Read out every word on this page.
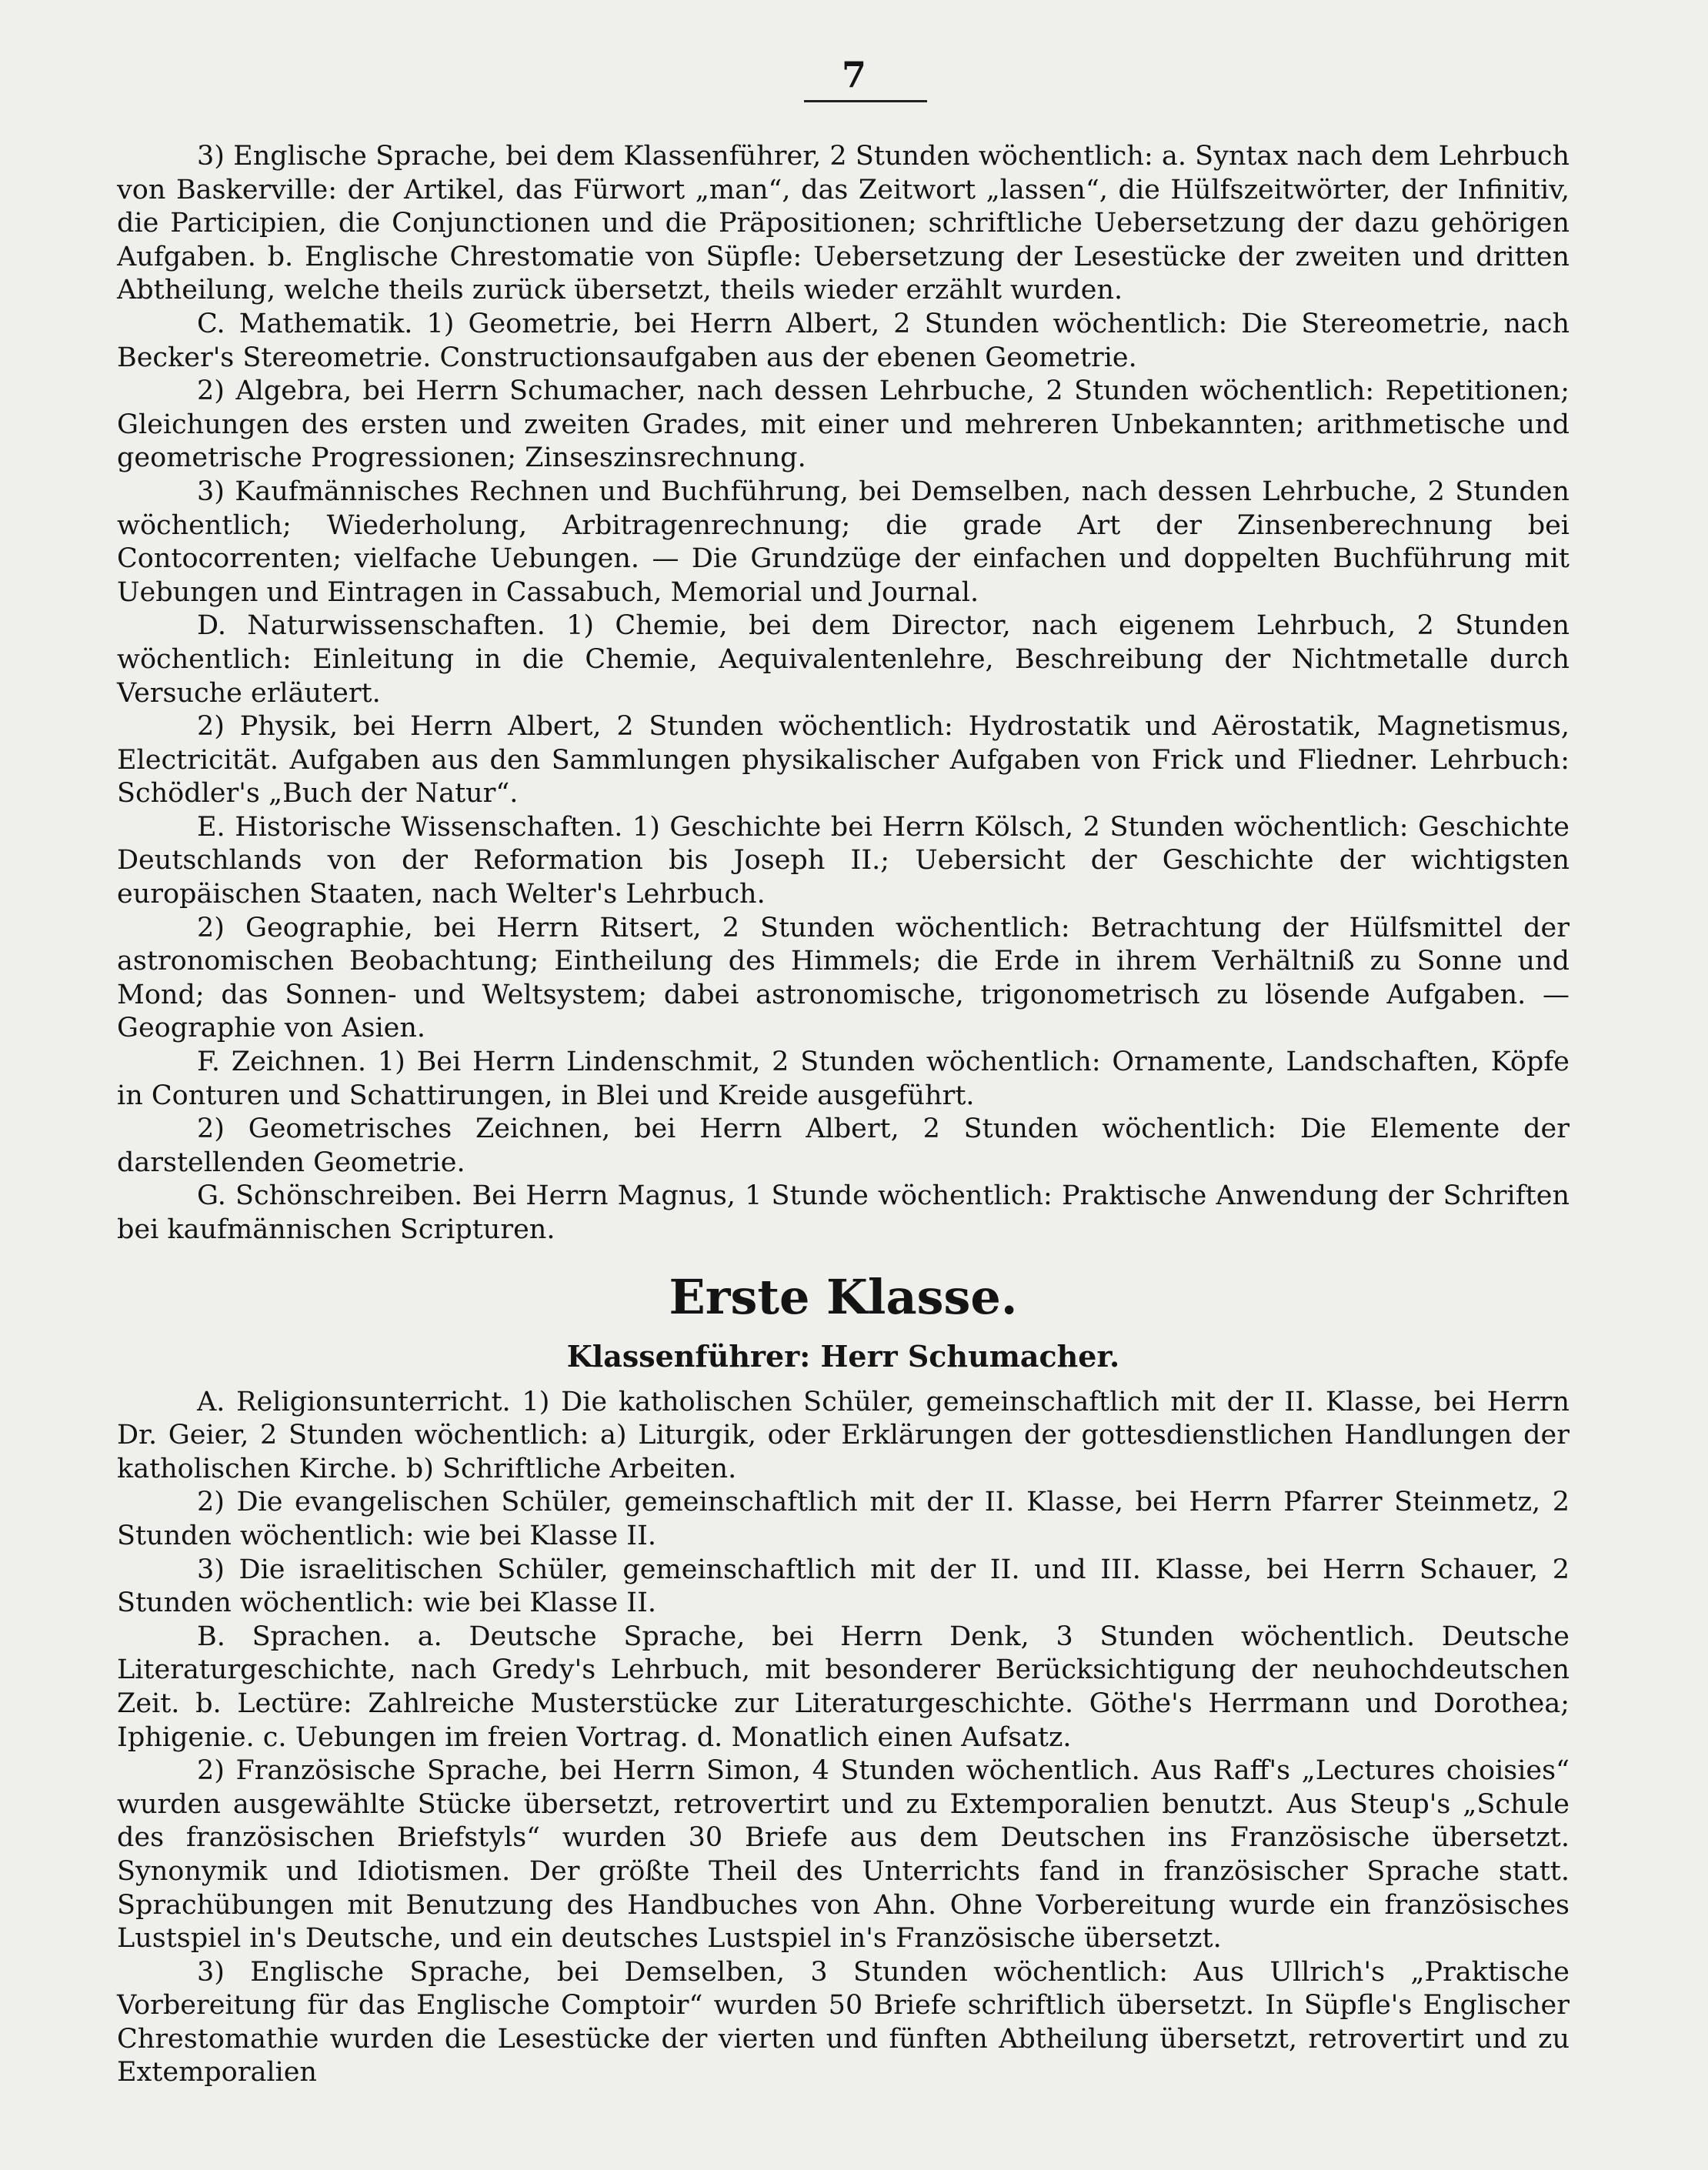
7

3) Englische Sprache, bei dem Klassenführer, 2 Stunden wöchentlich: a. Syntax nach dem Lehrbuch von Baskerville: der Artikel, das Fürwort „man“, das Zeitwort „lassen“, die Hülfszeitwörter, der Infinitiv, die Participien, die Conjunctionen und die Präpositionen; schriftliche Uebersetzung der dazu gehörigen Aufgaben. b. Englische Chrestomatie von Süpfle: Uebersetzung der Lesestücke der zweiten und dritten Abtheilung, welche theils zurück übersetzt, theils wieder erzählt wurden.

C. Mathematik. 1) Geometrie, bei Herrn Albert, 2 Stunden wöchentlich: Die Stereometrie, nach Becker's Stereometrie. Constructionsaufgaben aus der ebenen Geometrie.

2) Algebra, bei Herrn Schumacher, nach dessen Lehrbuche, 2 Stunden wöchentlich: Repetitionen; Gleichungen des ersten und zweiten Grades, mit einer und mehreren Unbekannten; arithmetische und geometrische Progressionen; Zinseszinsrechnung.

3) Kaufmännisches Rechnen und Buchführung, bei Demselben, nach dessen Lehrbuche, 2 Stunden wöchentlich; Wiederholung, Arbitragenrechnung; die grade Art der Zinsenberechnung bei Contocorrenten; vielfache Uebungen. — Die Grundzüge der einfachen und doppelten Buchführung mit Uebungen und Eintragen in Cassabuch, Memorial und Journal.

D. Naturwissenschaften. 1) Chemie, bei dem Director, nach eigenem Lehrbuch, 2 Stunden wöchentlich: Einleitung in die Chemie, Aequivalentenlehre, Beschreibung der Nichtmetalle durch Versuche erläutert.

2) Physik, bei Herrn Albert, 2 Stunden wöchentlich: Hydrostatik und Aërostatik, Magnetismus, Electricität. Aufgaben aus den Sammlungen physikalischer Aufgaben von Frick und Fliedner. Lehrbuch: Schödler's „Buch der Natur“.

E. Historische Wissenschaften. 1) Geschichte bei Herrn Kölsch, 2 Stunden wöchentlich: Geschichte Deutschlands von der Reformation bis Joseph II.; Uebersicht der Geschichte der wichtigsten europäischen Staaten, nach Welter's Lehrbuch.

2) Geographie, bei Herrn Ritsert, 2 Stunden wöchentlich: Betrachtung der Hülfsmittel der astronomischen Beobachtung; Eintheilung des Himmels; die Erde in ihrem Verhältniß zu Sonne und Mond; das Sonnen- und Weltsystem; dabei astronomische, trigonometrisch zu lösende Aufgaben. — Geographie von Asien.

F. Zeichnen. 1) Bei Herrn Lindenschmit, 2 Stunden wöchentlich: Ornamente, Landschaften, Köpfe in Conturen und Schattirungen, in Blei und Kreide ausgeführt.

2) Geometrisches Zeichnen, bei Herrn Albert, 2 Stunden wöchentlich: Die Elemente der darstellenden Geometrie.

G. Schönschreiben. Bei Herrn Magnus, 1 Stunde wöchentlich: Praktische Anwendung der Schriften bei kaufmännischen Scripturen.

Erste Klasse.

Klassenführer: Herr Schumacher.

A. Religionsunterricht. 1) Die katholischen Schüler, gemeinschaftlich mit der II. Klasse, bei Herrn Dr. Geier, 2 Stunden wöchentlich: a) Liturgik, oder Erklärungen der gottesdienstlichen Handlungen der katholischen Kirche. b) Schriftliche Arbeiten.

2) Die evangelischen Schüler, gemeinschaftlich mit der II. Klasse, bei Herrn Pfarrer Steinmetz, 2 Stunden wöchentlich: wie bei Klasse II.

3) Die israelitischen Schüler, gemeinschaftlich mit der II. und III. Klasse, bei Herrn Schauer, 2 Stunden wöchentlich: wie bei Klasse II.

B. Sprachen. a. Deutsche Sprache, bei Herrn Denk, 3 Stunden wöchentlich. Deutsche Literaturgeschichte, nach Gredy's Lehrbuch, mit besonderer Berücksichtigung der neuhochdeutschen Zeit. b. Lectüre: Zahlreiche Musterstücke zur Literaturgeschichte. Göthe's Herrmann und Dorothea; Iphigenie. c. Uebungen im freien Vortrag. d. Monatlich einen Aufsatz.

2) Französische Sprache, bei Herrn Simon, 4 Stunden wöchentlich. Aus Raff's „Lectures choisies“ wurden ausgewählte Stücke übersetzt, retrovertirt und zu Extemporalien benutzt. Aus Steup's „Schule des französischen Briefstyls“ wurden 30 Briefe aus dem Deutschen ins Französische übersetzt. Synonymik und Idiotismen. Der größte Theil des Unterrichts fand in französischer Sprache statt. Sprachübungen mit Benutzung des Handbuches von Ahn. Ohne Vorbereitung wurde ein französisches Lustspiel in's Deutsche, und ein deutsches Lustspiel in's Französische übersetzt.

3) Englische Sprache, bei Demselben, 3 Stunden wöchentlich: Aus Ullrich's „Praktische Vorbereitung für das Englische Comptoir“ wurden 50 Briefe schriftlich übersetzt. In Süpfle's Englischer Chrestomathie wurden die Lesestücke der vierten und fünften Abtheilung übersetzt, retrovertirt und zu Extemporalien
